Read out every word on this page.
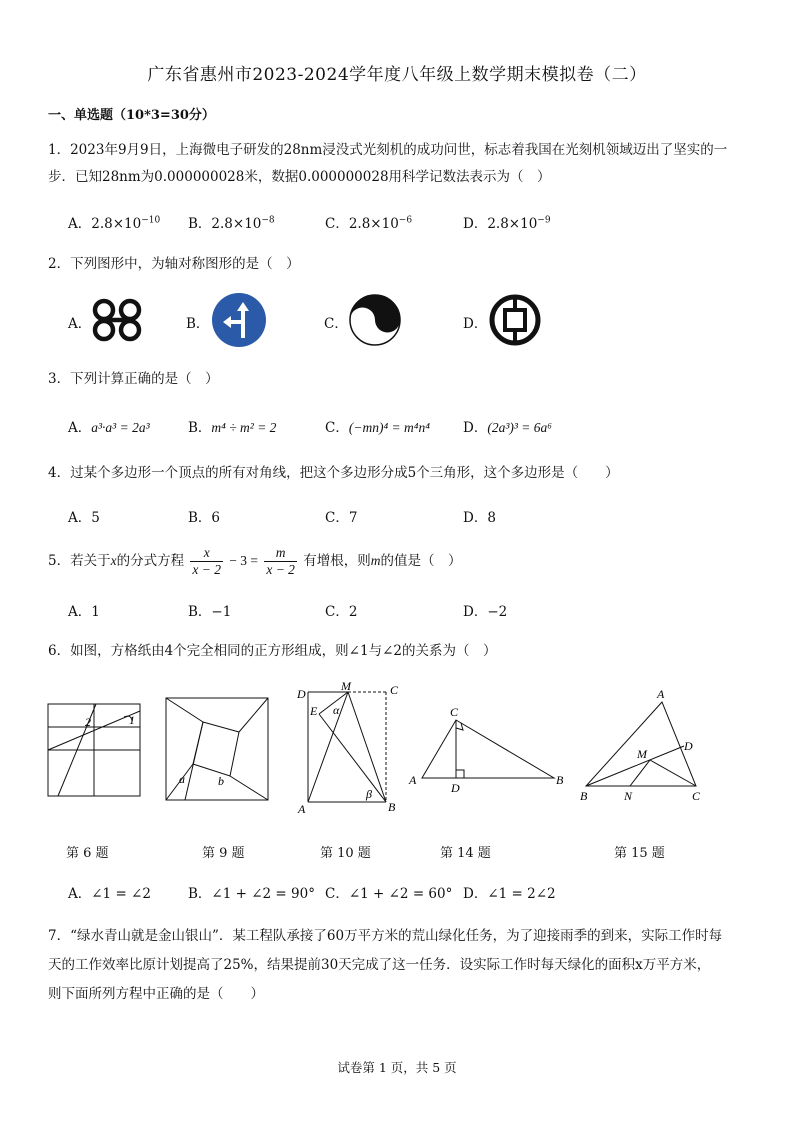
广东省惠州市2023-2024学年度八年级上数学期末模拟卷（二）
一、单选题（10*3=30分）
1．2023年9月9日，上海微电子研发的28nm浸没式光刻机的成功问世，标志着我国在光刻机领域迈出了坚实的一
步．已知28nm为0.000000028米，数据0.000000028用科学记数法表示为（　）
A．$2.8\times 10^{-10}$ B．$2.8\times 10^{-8}$	C．$2.8\times 10^{-6}$	D．$2.8\times 10^{-9}$
2．下列图形中，为轴对称图形的是（　）
A．	B．	C．	D．
3．下列计算正确的是（　）
A．a³·a³ = 2a³	B．m⁴ ÷ m² = 2	C．(−mn)⁴ = m⁴n⁴ D．(2a³)³ = 6a⁶
4．过某个多边形一个顶点的所有对角线，把这个多边形分成5个三角形，这个多边形是（　　）
A．5	B．6	C．7	D．8
5．若关于x的分式方程 $\frac{x}{x - 2} - 3 = \frac{m}{x - 2}$ 有增根，则m的值是（　）
A．1	B．−1	C．2	D．−2
6．如图，方格纸由4个完全相同的正方形组成，则∠1与∠2的关系为（　）
2	1
a	b
D
M	C
E α
β
A	B
C
A
D
B
A
M
D
B	N	C
第 6 题	第 9 题	第 10 题	第 14 题	第 15 题
A．∠1 = ∠2	B．∠1 + ∠2 = 90° C．∠1 + ∠2 = 60° D．∠1 = 2∠2
7．“绿水青山就是金山银山”．某工程队承接了60万平方米的荒山绿化任务，为了迎接雨季的到来，实际工作时每
天的工作效率比原计划提高了25%，结果提前30天完成了这一任务．设实际工作时每天绿化的面积x万平方米，
则下面所列方程中正确的是（　　）
试卷第 1 页，共 5 页
